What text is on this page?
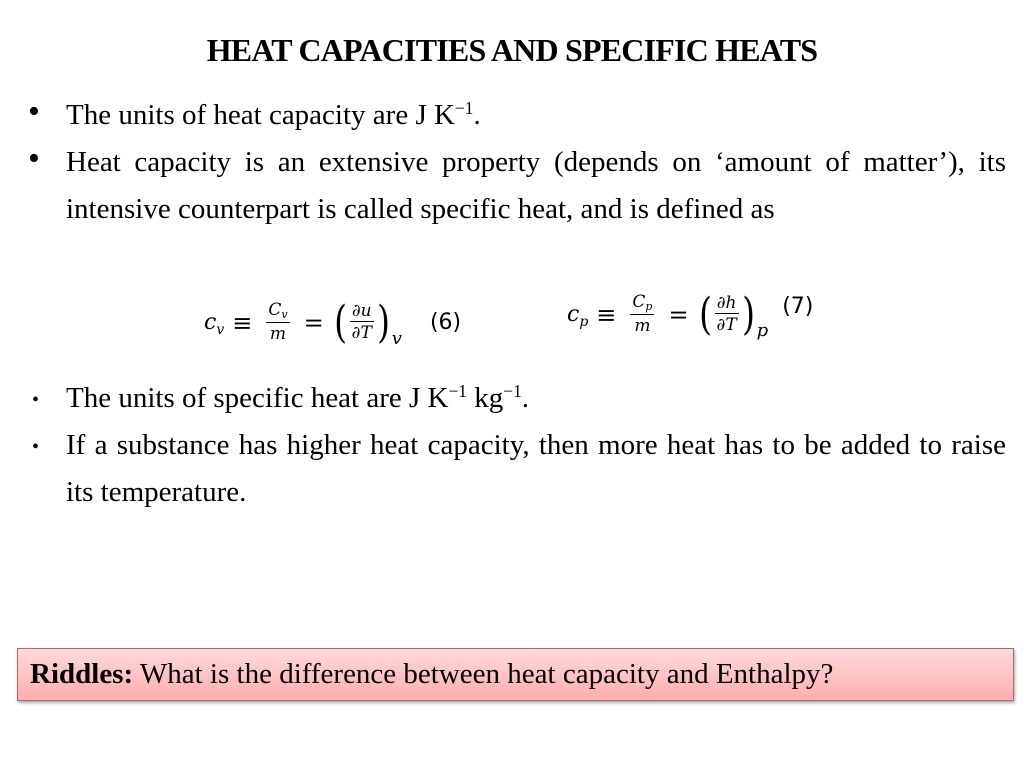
HEAT CAPACITIES AND SPECIFIC HEATS
• The units of heat capacity are J $K^{-1}$.
• Heat capacity is an extensive property (depends on ‘amount of matter’), its intensive counterpart is called specific heat, and is defined as
c $v \equiv \frac{Cv}{m}$ = ( $\frac{\partial u}{\partial T}$ ) v
(6)	c $p \equiv \frac{Cp}{m}$ = ( $\frac{\partial h}{\partial T}$ ) p
(7)
• The units of specific heat are J $K^{-1}$ $kg^{-1}$.
• If a substance has higher heat capacity, then more heat has to be added to raise its temperature.
Riddles: What is the difference between heat capacity and Enthalpy?
